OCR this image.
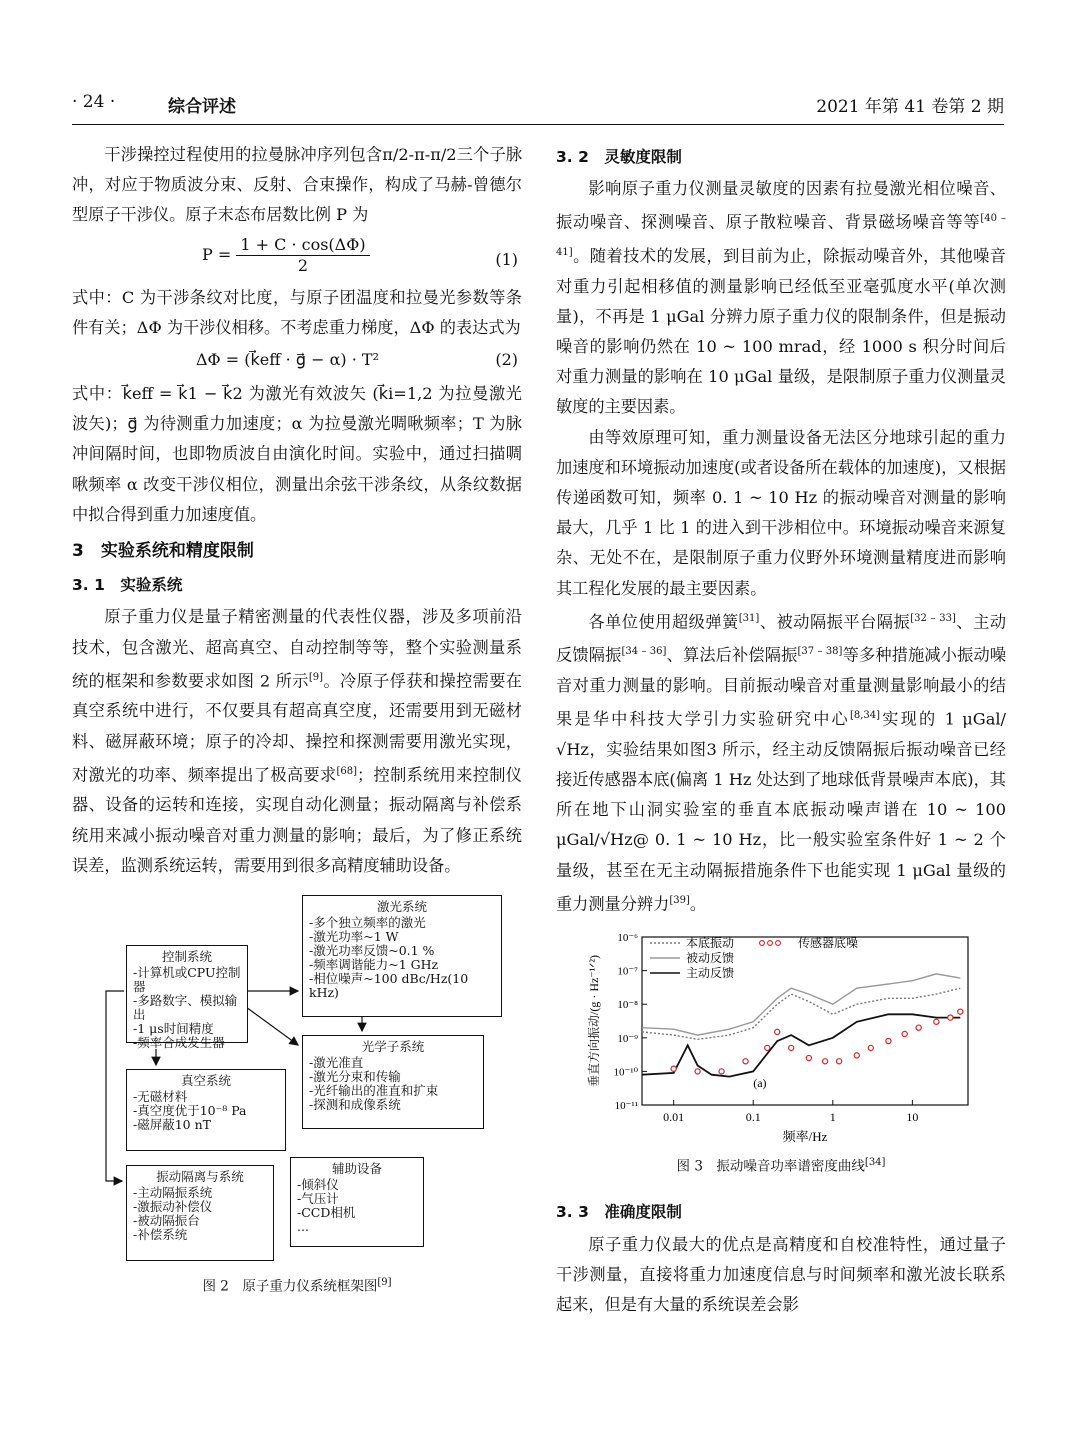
· 24 ·	综合评述	2021 年第 41 卷第 2 期

干涉操控过程使用的拉曼脉冲序列包含π/2-π-π/2三个子脉冲，对应于物质波分束、反射、合束操作，构成了马赫-曾德尔型原子干涉仪。原子末态布居数比例 P 为

$P = \frac{1 + C \cdot \cos(\Delta\Phi)}{2}$	(1)

式中：C 为干涉条纹对比度，与原子团温度和拉曼光参数等条件有关；ΔΦ 为干涉仪相移。不考虑重力梯度，ΔΦ 的表达式为

ΔΦ = (k⃗eff · g⃗ − α) · T²	(2)

式中：k⃗eff = k⃗1 − k⃗2 为激光有效波矢 (k⃗i=1,2 为拉曼激光波矢)；g⃗ 为待测重力加速度；α 为拉曼激光啁啾频率；T 为脉冲间隔时间，也即物质波自由演化时间。实验中，通过扫描啁啾频率 α 改变干涉仪相位，测量出余弦干涉条纹，从条纹数据中拟合得到重力加速度值。

3　实验系统和精度限制
3. 1　实验系统

原子重力仪是量子精密测量的代表性仪器，涉及多项前沿技术，包含激光、超高真空、自动控制等等，整个实验测量系统的框架和参数要求如图 2 所示[9]。冷原子俘获和操控需要在真空系统中进行，不仅要具有超高真空度，还需要用到无磁材料、磁屏蔽环境；原子的冷却、操控和探测需要用激光实现，对激光的功率、频率提出了极高要求[68]；控制系统用来控制仪器、设备的运转和连接，实现自动化测量；振动隔离与补偿系统用来减小振动噪音对重力测量的影响；最后，为了修正系统误差，监测系统运转，需要用到很多高精度辅助设备。

激光系统
-多个独立频率的激光
-激光功率~1 W
-激光功率反馈~0.1 %
-频率调谐能力~1 GHz
-相位噪声~100 dBc/Hz(10 kHz)
控制系统
-计算机或CPU控制器
-多路数字、模拟输出
-1 μs时间精度
-频率合成发生器	光学子系统
-激光准直
-激光分束和传输
-光纤输出的准直和扩束
-探测和成像系统
真空系统
-无磁材料
-真空度优于10⁻⁸ Pa
-磁屏蔽10 nT
振动隔离与系统
-主动隔振系统
-激振动补偿仪
-被动隔振台
-补偿系统
辅助设备
-倾斜仪
-气压计
-CCD相机
...
图 2　原子重力仪系统框架图[9]
3. 2　灵敏度限制

影响原子重力仪测量灵敏度的因素有拉曼激光相位噪音、振动噪音、探测噪音、原子散粒噪音、背景磁场噪音等等[40 – 41]。随着技术的发展，到目前为止，除振动噪音外，其他噪音对重力引起相移值的测量影响已经低至亚毫弧度水平(单次测量)，不再是 1 μGal 分辨力原子重力仪的限制条件，但是振动噪音的影响仍然在 10 ~ 100 mrad，经 1000 s 积分时间后对重力测量的影响在 10 μGal 量级，是限制原子重力仪测量灵敏度的主要因素。

由等效原理可知，重力测量设备无法区分地球引起的重力加速度和环境振动加速度(或者设备所在载体的加速度)，又根据传递函数可知，频率 0. 1 ~ 10 Hz 的振动噪音对测量的影响最大，几乎 1 比 1 的进入到干涉相位中。环境振动噪音来源复杂、无处不在，是限制原子重力仪野外环境测量精度进而影响其工程化发展的最主要因素。

各单位使用超级弹簧[31]、被动隔振平台隔振[32 – 33]、主动反馈隔振[34 – 36]、算法后补偿隔振[37 – 38]等多种措施减小振动噪音对重力测量的影响。目前振动噪音对重量测量影响最小的结果是华中科技大学引力实验研究中心[8,34]实现的 1 μGal/√Hz，实验结果如图3 所示，经主动反馈隔振后振动噪音已经接近传感器本底(偏离 1 Hz 处达到了地球低背景噪声本底)，其所在地下山洞实验室的垂直本底振动噪声谱在 10 ~ 100 μGal/√Hz@ 0. 1 ~ 10 Hz，比一般实验室条件好 1 ~ 2 个量级，甚至在无主动隔振措施条件下也能实现 1 μGal 量级的重力测量分辨力[39]。

0.01	0.1	1	10
10⁻⁶
10⁻⁷
10⁻⁸
10⁻⁹
10⁻¹⁰
10⁻¹¹
频率/Hz
垂直方向振动/(g · Hz⁻¹ᐟ²)	(a)
本底振动
被动反馈
主动反馈
传感器底噪
图 3　振动噪音功率谱密度曲线[34]
3. 3　准确度限制

原子重力仪最大的优点是高精度和自校准特性，通过量子干涉测量，直接将重力加速度信息与时间频率和激光波长联系起来，但是有大量的系统误差会影
